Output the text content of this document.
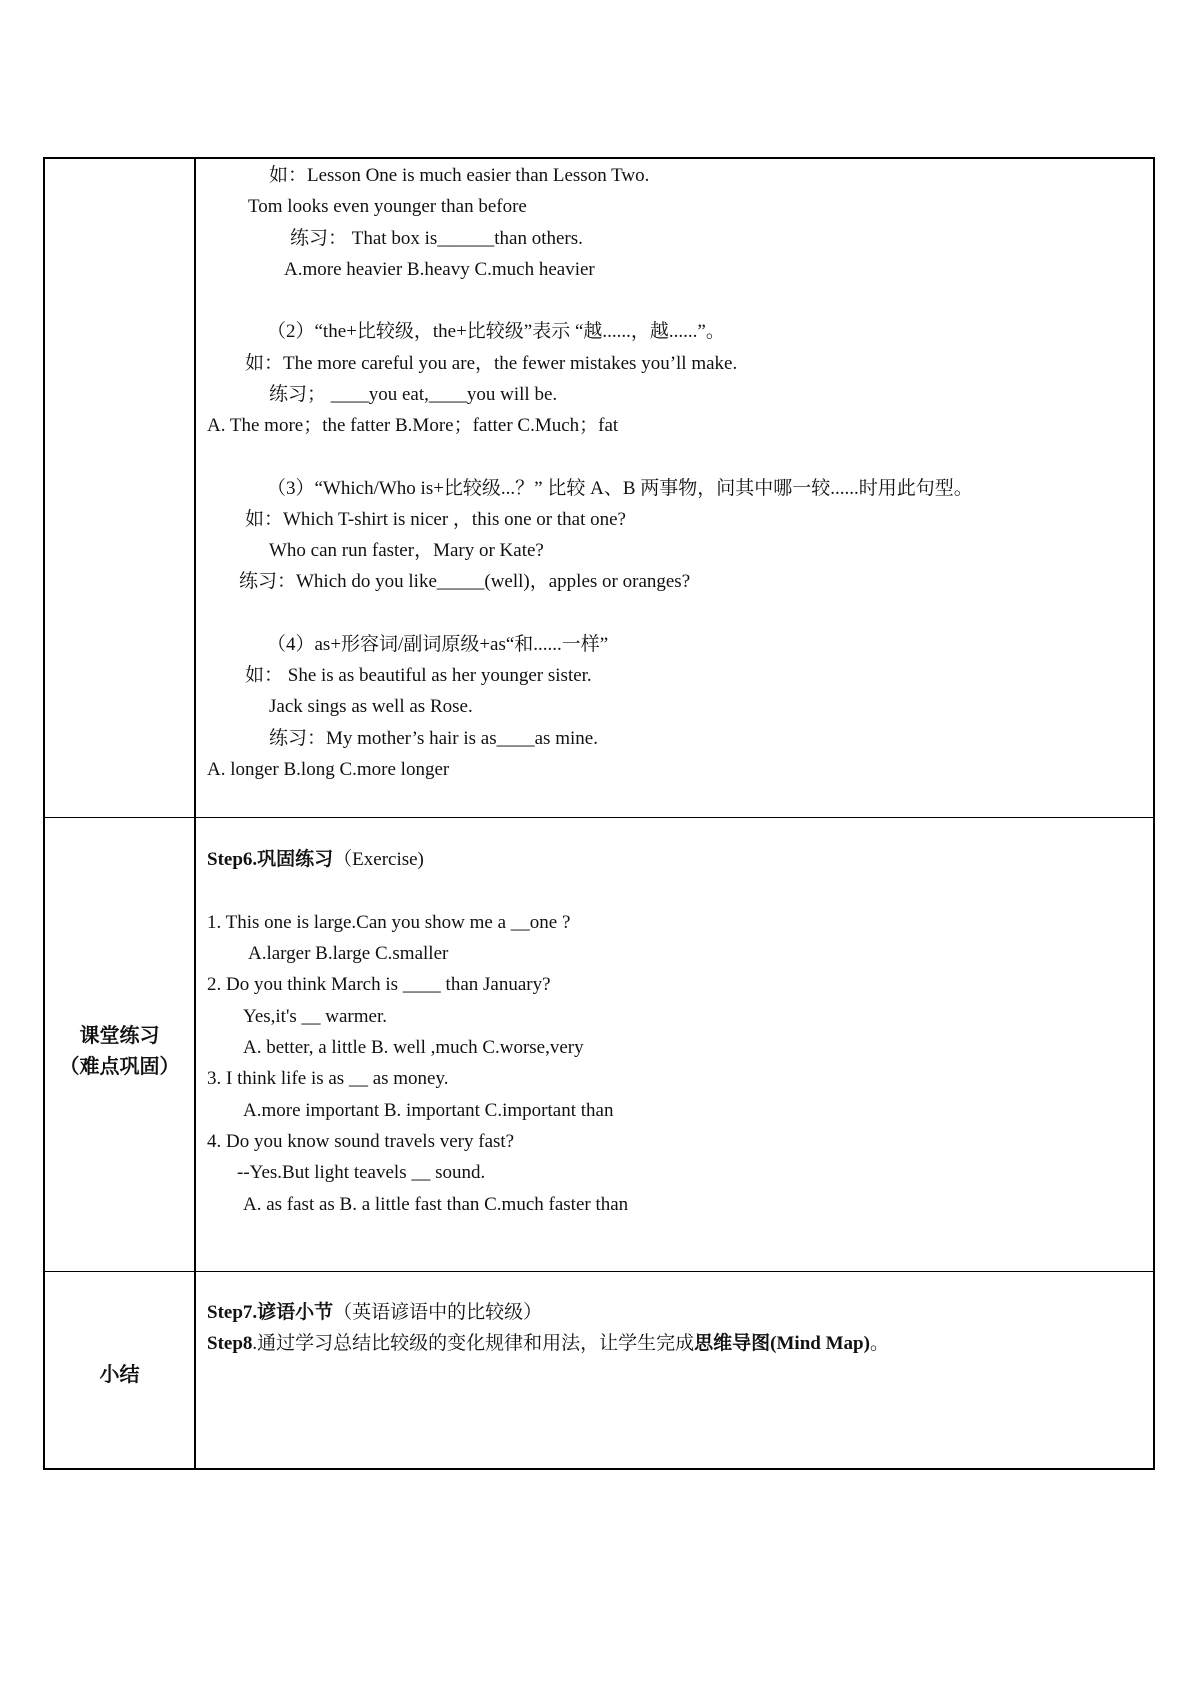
如：Lesson One is much easier than Lesson Two.
Tom looks even younger than before
练习： That box is______than others.
A.more heavier B.heavy C.much heavier
（2）“the+比较级，the+比较级”表示 “越......，越......”。
如：The more careful you are，the fewer mistakes you’ll make.
练习； ____you eat,____you will be.
A. The more；the fatter B.More；fatter C.Much；fat
（3）“Which/Who is+比较级...？” 比较 A、B 两事物，问其中哪一较......时用此句型。
如：Which T-shirt is nicer ，this one or that one?
Who can run faster，Mary or Kate?
练习：Which do you like_____(well)，apples or oranges?
（4）as+形容词/副词原级+as“和......一样”
如： She is as beautiful as her younger sister.
Jack sings as well as Rose.
练习：My mother’s hair is as____as mine.
A. longer B.long C.more longer
课堂练习
（难点巩固）
Step6.巩固练习（Exercise)
1. This one is large.Can you show me a __one ?
A.larger B.large C.smaller
2. Do you think March is ____ than January?
Yes,it's __ warmer.
A. better, a little B. well ,much C.worse,very
3. I think life is as __ as money.
A.more important B. important C.important than
4. Do you know sound travels very fast?
--Yes.But light teavels __ sound.
A. as fast as B. a little fast than C.much faster than
小结
Step7.谚语小节（英语谚语中的比较级）
Step8.通过学习总结比较级的变化规律和用法，让学生完成思维导图(Mind Map)。
